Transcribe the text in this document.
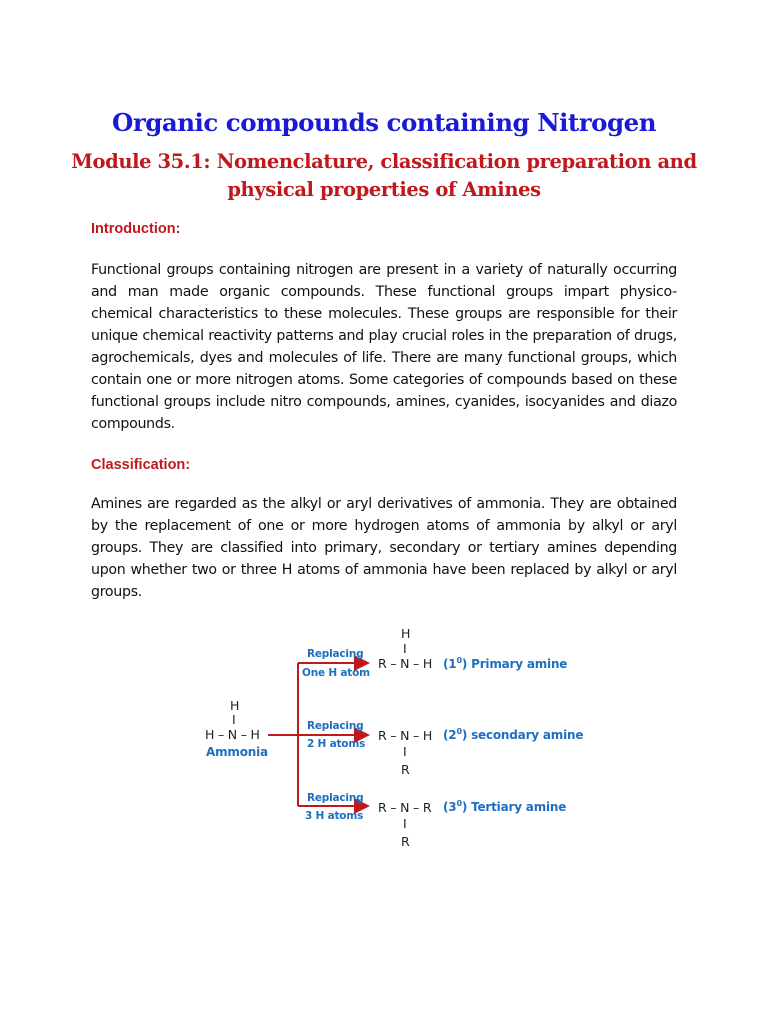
Organic compounds containing Nitrogen
Module 35.1: Nomenclature, classification preparation and physical properties of Amines
Introduction:

Functional groups containing nitrogen are present in a variety of naturally occurring and man made organic compounds. These functional groups impart physico-chemical characteristics to these molecules. These groups are responsible for their unique chemical reactivity patterns and play crucial roles in the preparation of drugs, agrochemicals, dyes and molecules of life. There are many functional groups, which contain one or more nitrogen atoms. Some categories of compounds based on these functional groups include nitro compounds, amines, cyanides, isocyanides and diazo compounds.

Classification:

Amines are regarded as the alkyl or aryl derivatives of ammonia. They are obtained by the replacement of one or more hydrogen atoms of ammonia by alkyl or aryl groups. They are classified into primary, secondary or tertiary amines depending upon whether two or three H atoms of ammonia have been replaced by alkyl or aryl groups.

H
I
H – N – H
Ammonia
Replacing
One H atom
H
I
R – N – H $(1^0)$ Primary amine
Replacing
2 H atoms
R – N – H
I
R
$(2^0)$ secondary amine
Replacing
3 H atoms
R – N – R
I
R
$(3^0)$ Tertiary amine
